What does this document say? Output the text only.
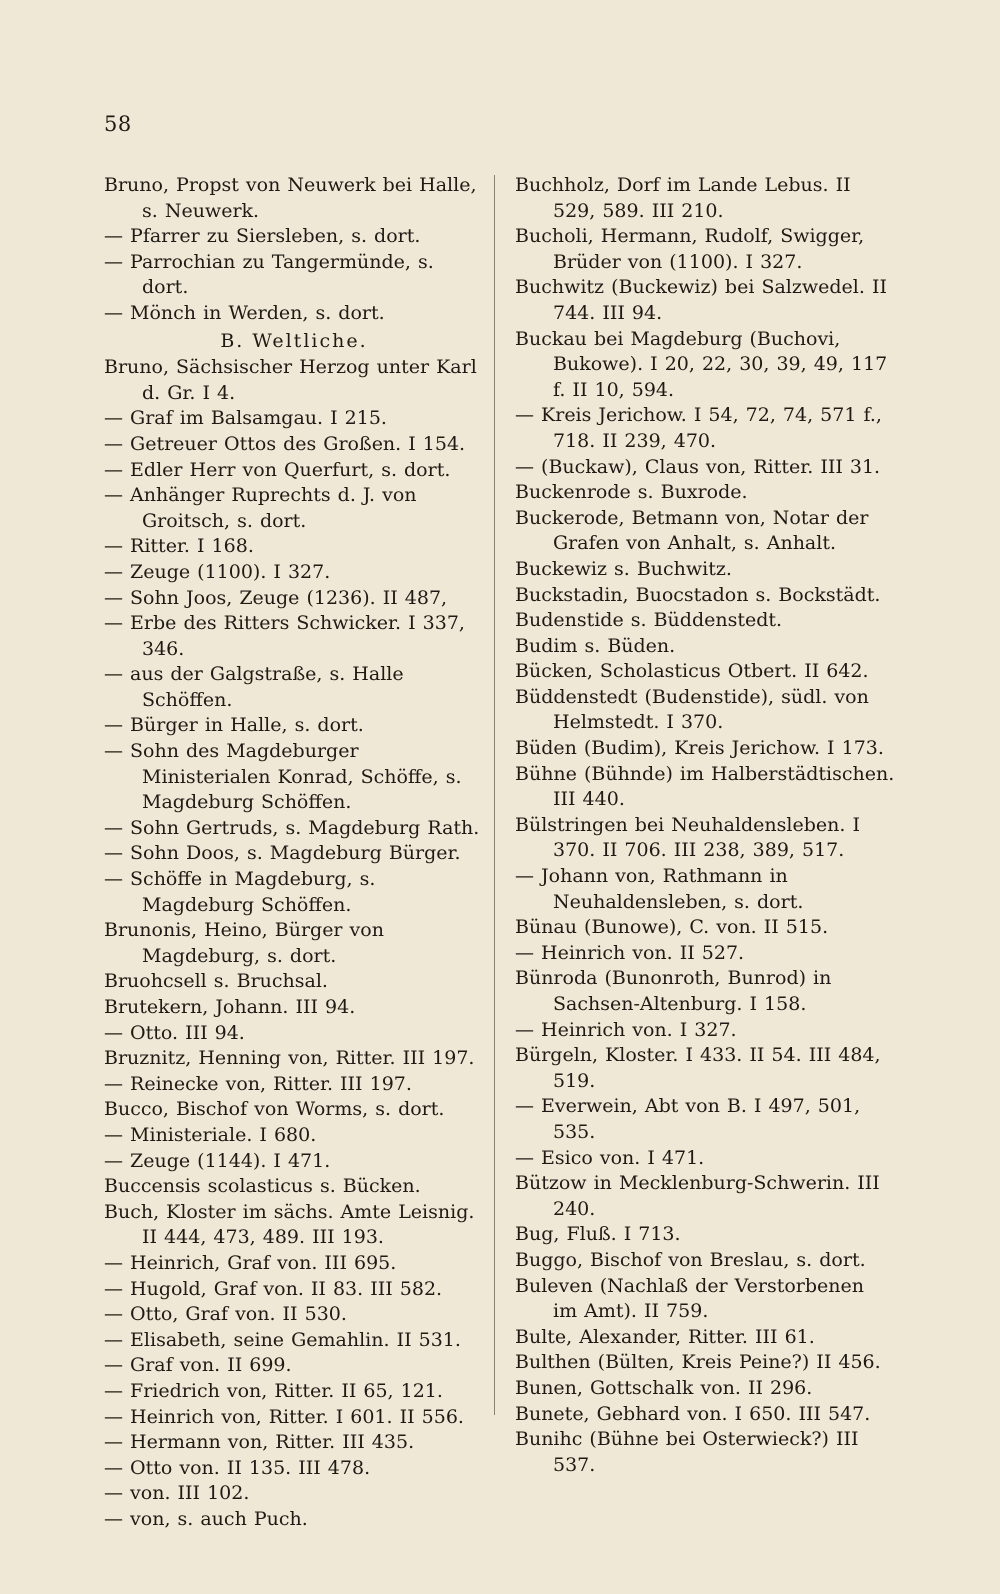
58
Bruno, Propst von Neuwerk bei Halle, s. Neuwerk.
— Pfarrer zu Siersleben, s. dort.
— Parrochian zu Tangermünde, s. dort.
— Mönch in Werden, s. dort.
B. Weltliche.
Bruno, Sächsischer Herzog unter Karl d. Gr. I 4.
— Graf im Balsamgau. I 215.
— Getreuer Ottos des Großen. I 154.
— Edler Herr von Querfurt, s. dort.
— Anhänger Ruprechts d. J. von Groitsch, s. dort.
— Ritter. I 168.
— Zeuge (1100). I 327.
— Sohn Joos, Zeuge (1236). II 487,
— Erbe des Ritters Schwicker. I 337, 346.
— aus der Galgstraße, s. Halle Schöffen.
— Bürger in Halle, s. dort.
— Sohn des Magdeburger Ministerialen Konrad, Schöffe, s. Magdeburg Schöffen.
— Sohn Gertruds, s. Magdeburg Rath.
— Sohn Doos, s. Magdeburg Bürger.
— Schöffe in Magdeburg, s. Magdeburg Schöffen.
Brunonis, Heino, Bürger von Magdeburg, s. dort.
Bruohcsell s. Bruchsal.
Brutekern, Johann. III 94.
— Otto. III 94.
Bruznitz, Henning von, Ritter. III 197.
— Reinecke von, Ritter. III 197.
Bucco, Bischof von Worms, s. dort.
— Ministeriale. I 680.
— Zeuge (1144). I 471.
Buccensis scolasticus s. Bücken.
Buch, Kloster im sächs. Amte Leisnig. II 444, 473, 489. III 193.
— Heinrich, Graf von. III 695.
— Hugold, Graf von. II 83. III 582.
— Otto, Graf von. II 530.
— Elisabeth, seine Gemahlin. II 531.
— Graf von. II 699.
— Friedrich von, Ritter. II 65, 121.
— Heinrich von, Ritter. I 601. II 556.
— Hermann von, Ritter. III 435.
— Otto von. II 135. III 478.
— von. III 102.
— von, s. auch Puch.
Buchholz, Dorf im Lande Lebus. II 529, 589. III 210.
Bucholi, Hermann, Rudolf, Swigger, Brüder von (1100). I 327.
Buchwitz (Buckewiz) bei Salzwedel. II 744. III 94.
Buckau bei Magdeburg (Buchovi, Bukowe). I 20, 22, 30, 39, 49, 117 f. II 10, 594.
— Kreis Jerichow. I 54, 72, 74, 571 f., 718. II 239, 470.
— (Buckaw), Claus von, Ritter. III 31.
Buckenrode s. Buxrode.
Buckerode, Betmann von, Notar der Grafen von Anhalt, s. Anhalt.
Buckewiz s. Buchwitz.
Buckstadin, Buocstadon s. Bockstädt.
Budenstide s. Büddenstedt.
Budim s. Büden.
Bücken, Scholasticus Otbert. II 642.
Büddenstedt (Budenstide), südl. von Helmstedt. I 370.
Büden (Budim), Kreis Jerichow. I 173.
Bühne (Bühnde) im Halberstädtischen. III 440.
Bülstringen bei Neuhaldensleben. I 370. II 706. III 238, 389, 517.
— Johann von, Rathmann in Neuhaldensleben, s. dort.
Bünau (Bunowe), C. von. II 515.
— Heinrich von. II 527.
Bünroda (Bunonroth, Bunrod) in Sachsen-Altenburg. I 158.
— Heinrich von. I 327.
Bürgeln, Kloster. I 433. II 54. III 484, 519.
— Everwein, Abt von B. I 497, 501, 535.
— Esico von. I 471.
Bützow in Mecklenburg-Schwerin. III 240.
Bug, Fluß. I 713.
Buggo, Bischof von Breslau, s. dort.
Buleven (Nachlaß der Verstorbenen im Amt). II 759.
Bulte, Alexander, Ritter. III 61.
Bulthen (Bülten, Kreis Peine?) II 456.
Bunen, Gottschalk von. II 296.
Bunete, Gebhard von. I 650. III 547.
Bunihc (Bühne bei Osterwieck?) III 537.
